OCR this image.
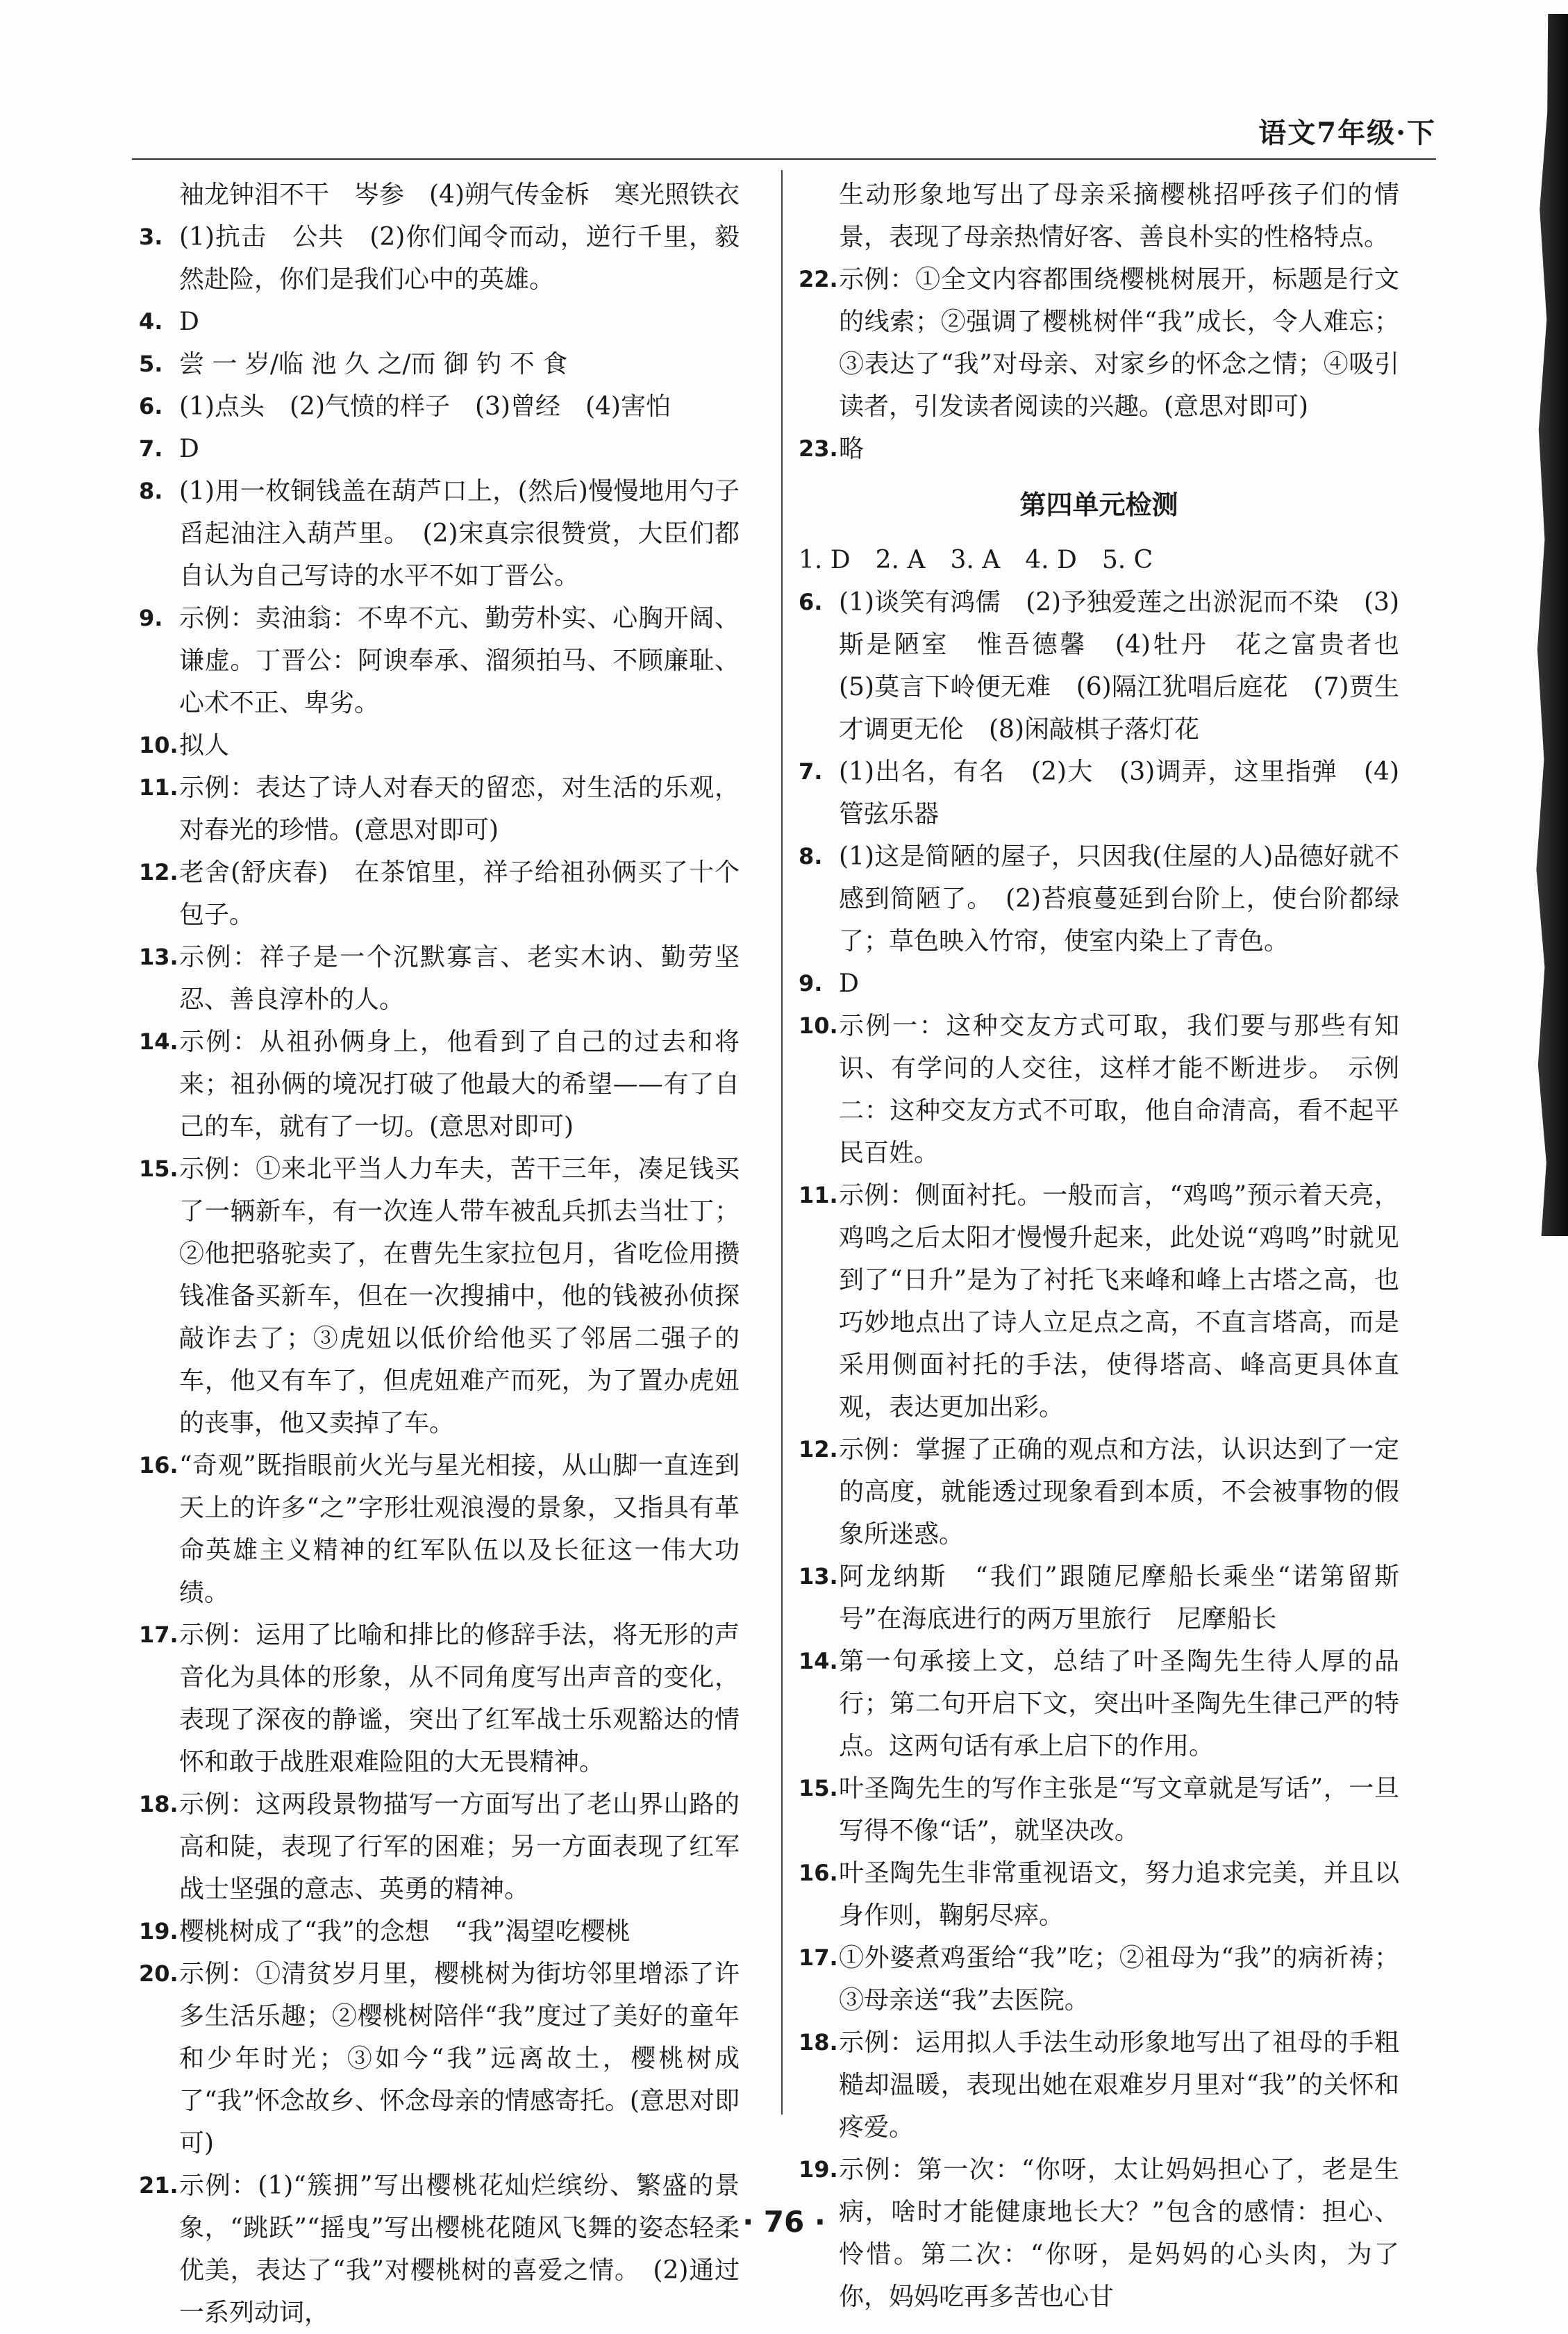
语文7年级·下
袖龙钟泪不干　岑参　(4)朔气传金柝　寒光照铁衣
3. (1)抗击　公共　(2)你们闻令而动，逆行千里，毅然赴险，你们是我们心中的英雄。
4. D
5. 尝 一 岁/临 池 久 之/而 御 钓 不 食
6. (1)点头　(2)气愤的样子　(3)曾经　(4)害怕
7. D
8. (1)用一枚铜钱盖在葫芦口上，(然后)慢慢地用勺子舀起油注入葫芦里。　(2)宋真宗很赞赏，大臣们都自认为自己写诗的水平不如丁晋公。
9. 示例：卖油翁：不卑不亢、勤劳朴实、心胸开阔、谦虚。丁晋公：阿谀奉承、溜须拍马、不顾廉耻、心术不正、卑劣。
10. 拟人
11. 示例：表达了诗人对春天的留恋，对生活的乐观，对春光的珍惜。(意思对即可)
12. 老舍(舒庆春)　在茶馆里，祥子给祖孙俩买了十个包子。
13. 示例：祥子是一个沉默寡言、老实木讷、勤劳坚忍、善良淳朴的人。
14. 示例：从祖孙俩身上，他看到了自己的过去和将来；祖孙俩的境况打破了他最大的希望——有了自己的车，就有了一切。(意思对即可)
15. 示例：①来北平当人力车夫，苦干三年，凑足钱买了一辆新车，有一次连人带车被乱兵抓去当壮丁；②他把骆驼卖了，在曹先生家拉包月，省吃俭用攒钱准备买新车，但在一次搜捕中，他的钱被孙侦探敲诈去了；③虎妞以低价给他买了邻居二强子的车，他又有车了，但虎妞难产而死，为了置办虎妞的丧事，他又卖掉了车。
16. “奇观”既指眼前火光与星光相接，从山脚一直连到天上的许多“之”字形壮观浪漫的景象，又指具有革命英雄主义精神的红军队伍以及长征这一伟大功绩。
17. 示例：运用了比喻和排比的修辞手法，将无形的声音化为具体的形象，从不同角度写出声音的变化，表现了深夜的静谧，突出了红军战士乐观豁达的情怀和敢于战胜艰难险阻的大无畏精神。
18. 示例：这两段景物描写一方面写出了老山界山路的高和陡，表现了行军的困难；另一方面表现了红军战士坚强的意志、英勇的精神。
19. 樱桃树成了“我”的念想　“我”渴望吃樱桃
20. 示例：①清贫岁月里，樱桃树为街坊邻里增添了许多生活乐趣；②樱桃树陪伴“我”度过了美好的童年和少年时光；③如今“我”远离故土，樱桃树成了“我”怀念故乡、怀念母亲的情感寄托。(意思对即可)
21. 示例：(1)“簇拥”写出樱桃花灿烂缤纷、繁盛的景象，“跳跃”“摇曳”写出樱桃花随风飞舞的姿态轻柔优美，表达了“我”对樱桃树的喜爱之情。　(2)通过一系列动词，
生动形象地写出了母亲采摘樱桃招呼孩子们的情景，表现了母亲热情好客、善良朴实的性格特点。
22. 示例：①全文内容都围绕樱桃树展开，标题是行文的线索；②强调了樱桃树伴“我”成长，令人难忘；③表达了“我”对母亲、对家乡的怀念之情；④吸引读者，引发读者阅读的兴趣。(意思对即可)
23. 略
第四单元检测
1. D　2. A　3. A　4. D　5. C
6. (1)谈笑有鸿儒　(2)予独爱莲之出淤泥而不染　(3)斯是陋室　惟吾德馨　(4)牡丹　花之富贵者也　(5)莫言下岭便无难　(6)隔江犹唱后庭花　(7)贾生才调更无伦　(8)闲敲棋子落灯花
7. (1)出名，有名　(2)大　(3)调弄，这里指弹　(4)管弦乐器
8. (1)这是简陋的屋子，只因我(住屋的人)品德好就不感到简陋了。　(2)苔痕蔓延到台阶上，使台阶都绿了；草色映入竹帘，使室内染上了青色。
9. D
10. 示例一：这种交友方式可取，我们要与那些有知识、有学问的人交往，这样才能不断进步。　示例二：这种交友方式不可取，他自命清高，看不起平民百姓。
11. 示例：侧面衬托。一般而言，“鸡鸣”预示着天亮，鸡鸣之后太阳才慢慢升起来，此处说“鸡鸣”时就见到了“日升”是为了衬托飞来峰和峰上古塔之高，也巧妙地点出了诗人立足点之高，不直言塔高，而是采用侧面衬托的手法，使得塔高、峰高更具体直观，表达更加出彩。
12. 示例：掌握了正确的观点和方法，认识达到了一定的高度，就能透过现象看到本质，不会被事物的假象所迷惑。
13. 阿龙纳斯　“我们”跟随尼摩船长乘坐“诺第留斯号”在海底进行的两万里旅行　尼摩船长
14. 第一句承接上文，总结了叶圣陶先生待人厚的品行；第二句开启下文，突出叶圣陶先生律己严的特点。这两句话有承上启下的作用。
15. 叶圣陶先生的写作主张是“写文章就是写话”，一旦写得不像“话”，就坚决改。
16. 叶圣陶先生非常重视语文，努力追求完美，并且以身作则，鞠躬尽瘁。
17. ①外婆煮鸡蛋给“我”吃；②祖母为“我”的病祈祷；③母亲送“我”去医院。
18. 示例：运用拟人手法生动形象地写出了祖母的手粗糙却温暖，表现出她在艰难岁月里对“我”的关怀和疼爱。
19. 示例：第一次：“你呀，太让妈妈担心了，老是生病，啥时才能健康地长大？”包含的感情：担心、怜惜。第二次：“你呀，是妈妈的心头肉，为了你，妈妈吃再多苦也心甘
· 76 ·
